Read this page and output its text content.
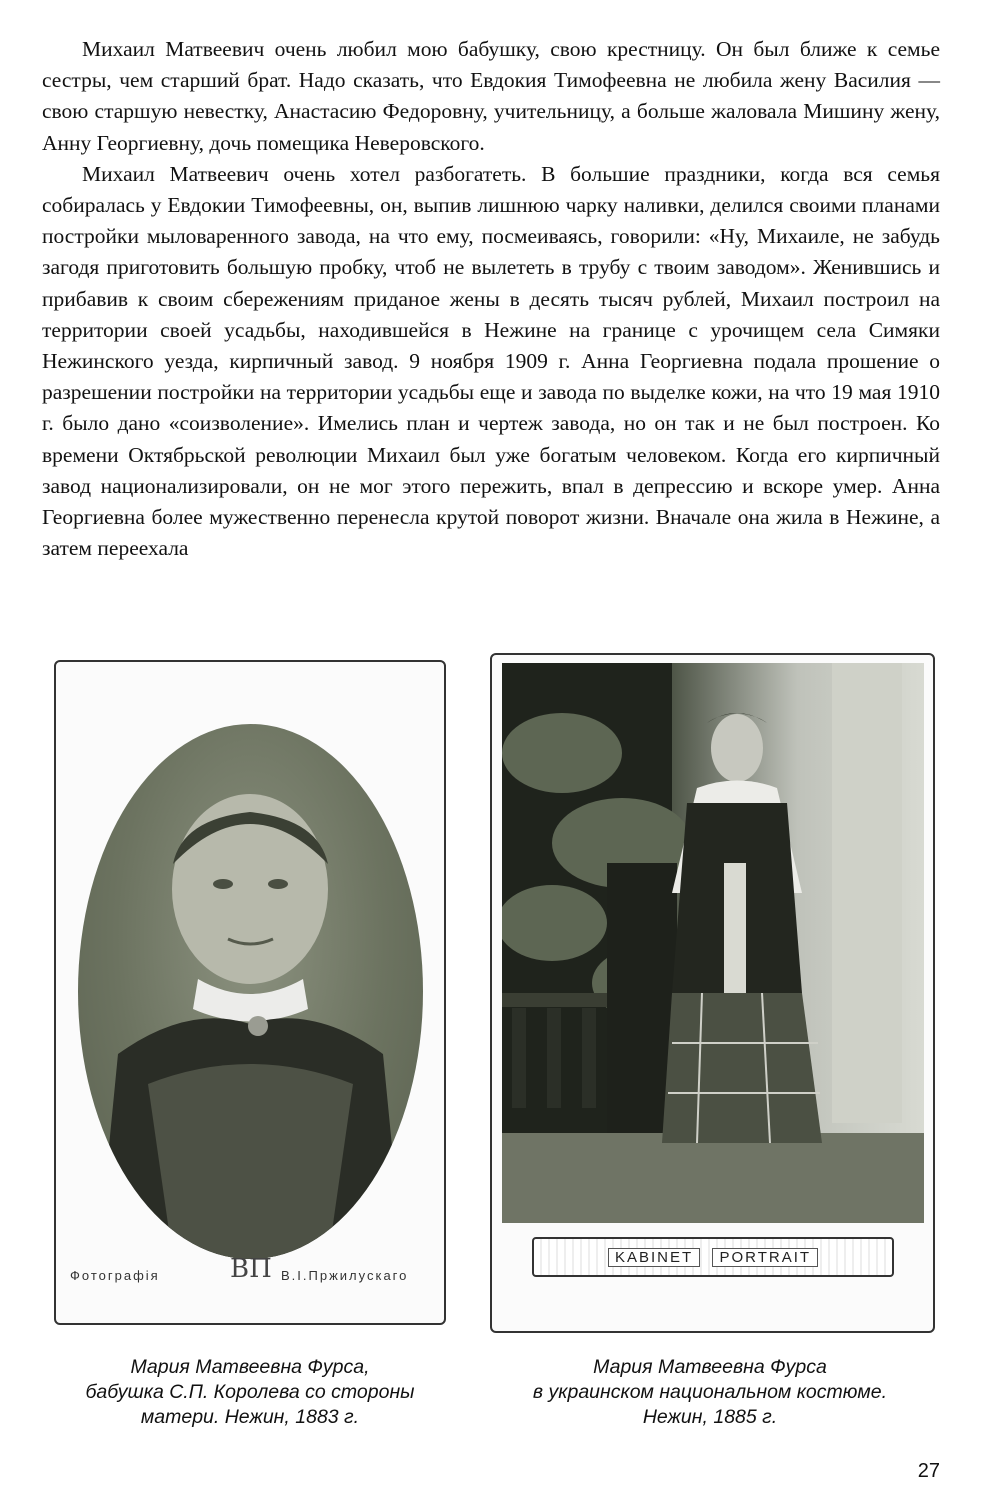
Михаил Матвеевич очень любил мою бабушку, свою крестницу. Он был ближе к семье сестры, чем старший брат. Надо сказать, что Евдокия Тимофеевна не любила жену Василия — свою старшую невестку, Анастасию Федоровну, учительницу, а больше жаловала Мишину жену, Анну Георгиевну, дочь помещика Неверовского.

Михаил Матвеевич очень хотел разбогатеть. В большие праздники, когда вся семья собиралась у Евдокии Тимофеевны, он, выпив лишнюю чарку наливки, делился своими планами постройки мыловаренного завода, на что ему, посмеиваясь, говорили: «Ну, Михаиле, не забудь загодя приготовить большую пробку, чтоб не вылететь в трубу с твоим заводом». Женившись и прибавив к своим сбережениям приданое жены в десять тысяч рублей, Михаил построил на территории своей усадьбы, находившейся в Нежине на границе с урочищем села Симяки Нежинского уезда, кирпичный завод. 9 ноября 1909 г. Анна Георгиевна подала прошение о разрешении постройки на территории усадьбы еще и завода по выделке кожи, на что 19 мая 1910 г. было дано «соизволение». Имелись план и чертеж завода, но он так и не был построен. Ко времени Октябрьской революции Михаил был уже богатым человеком. Когда его кирпичный завод национализировали, он не мог этого пережить, впал в депрессию и вскоре умер. Анна Георгиевна более мужественно перенесла крутой поворот жизни. Вначале она жила в Нежине, а затем переехала

Фотографiя	ВП В.I.Пржилускаго
KABINET
	PORTRAIT
Мария Матвеевна Фурса,
бабушка С.П. Королева со стороны
матери. Нежин, 1883 г.
Мария Матвеевна Фурса
в украинском национальном костюме.
Нежин, 1885 г.
27
